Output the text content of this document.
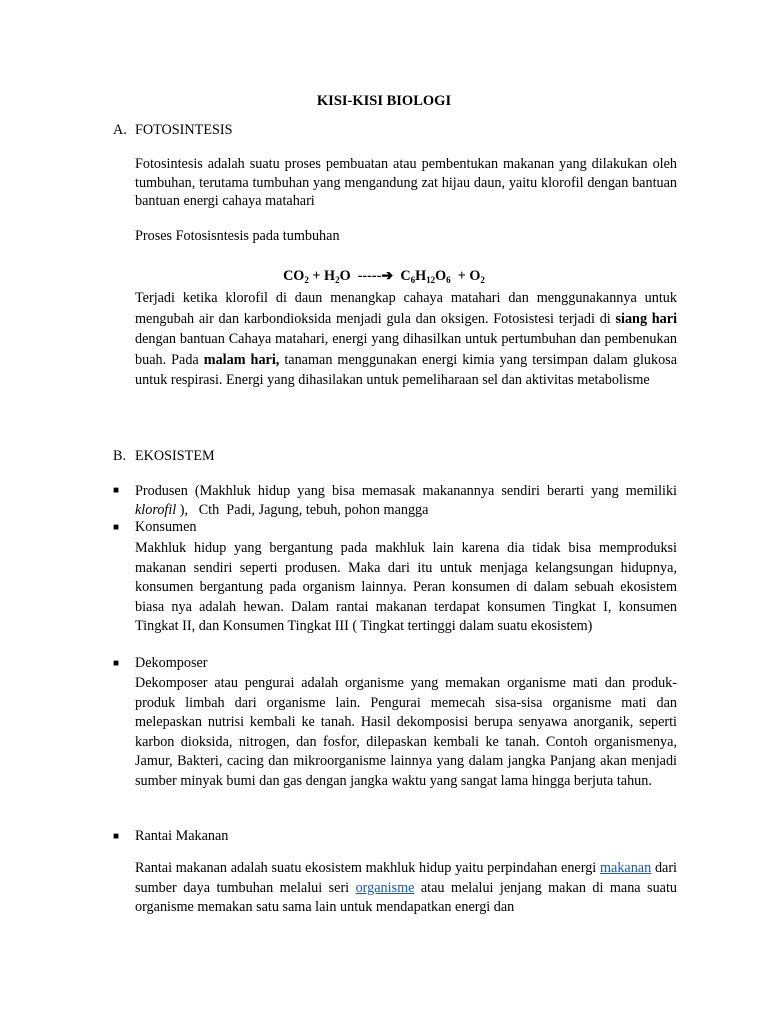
KISI-KISI BIOLOGI
A. FOTOSINTESIS
Fotosintesis adalah suatu proses pembuatan atau pembentukan makanan yang dilakukan oleh tumbuhan, terutama tumbuhan yang mengandung zat hijau daun, yaitu klorofil dengan bantuan bantuan energi cahaya matahari
Proses Fotosisntesis pada tumbuhan
$CO_2 + H_2O$  -----➔  $C_6H_{12}O_6 + O_2$
Terjadi ketika klorofil di daun menangkap cahaya matahari dan menggunakannya untuk mengubah air dan karbondioksida menjadi gula dan oksigen. Fotosistesi terjadi di siang hari dengan bantuan Cahaya matahari, energi yang dihasilkan untuk pertumbuhan dan pembenukan buah. Pada malam hari, tanaman menggunakan energi kimia yang tersimpan dalam glukosa untuk respirasi. Energi yang dihasilakan untuk pemeliharaan sel dan aktivitas metabolisme
B. EKOSISTEM
■ Produsen (Makhluk hidup yang bisa memasak makanannya sendiri berarti yang memiliki klorofil ),   Cth  Padi, Jagung, tebuh, pohon mangga
■ Konsumen
Makhluk hidup yang bergantung pada makhluk lain karena dia tidak bisa memproduksi makanan sendiri seperti produsen. Maka dari itu untuk menjaga kelangsungan hidupnya, konsumen bergantung pada organism lainnya. Peran konsumen di dalam sebuah ekosistem biasa nya adalah hewan. Dalam rantai makanan terdapat konsumen Tingkat I, konsumen Tingkat II, dan Konsumen Tingkat III ( Tingkat tertinggi dalam suatu ekosistem)
■ Dekomposer
Dekomposer atau pengurai adalah organisme yang memakan organisme mati dan produk-produk limbah dari organisme lain. Pengurai memecah sisa-sisa organisme mati dan melepaskan nutrisi kembali ke tanah. Hasil dekomposisi berupa senyawa anorganik, seperti karbon dioksida, nitrogen, dan fosfor, dilepaskan kembali ke tanah. Contoh organismenya, Jamur, Bakteri, cacing dan mikroorganisme lainnya yang dalam jangka Panjang akan menjadi sumber minyak bumi dan gas dengan jangka waktu yang sangat lama hingga berjuta tahun.
■ Rantai Makanan
Rantai makanan adalah suatu ekosistem makhluk hidup yaitu perpindahan energi makanan dari sumber daya tumbuhan melalui seri organisme atau melalui jenjang makan di mana suatu organisme memakan satu sama lain untuk mendapatkan energi dan
